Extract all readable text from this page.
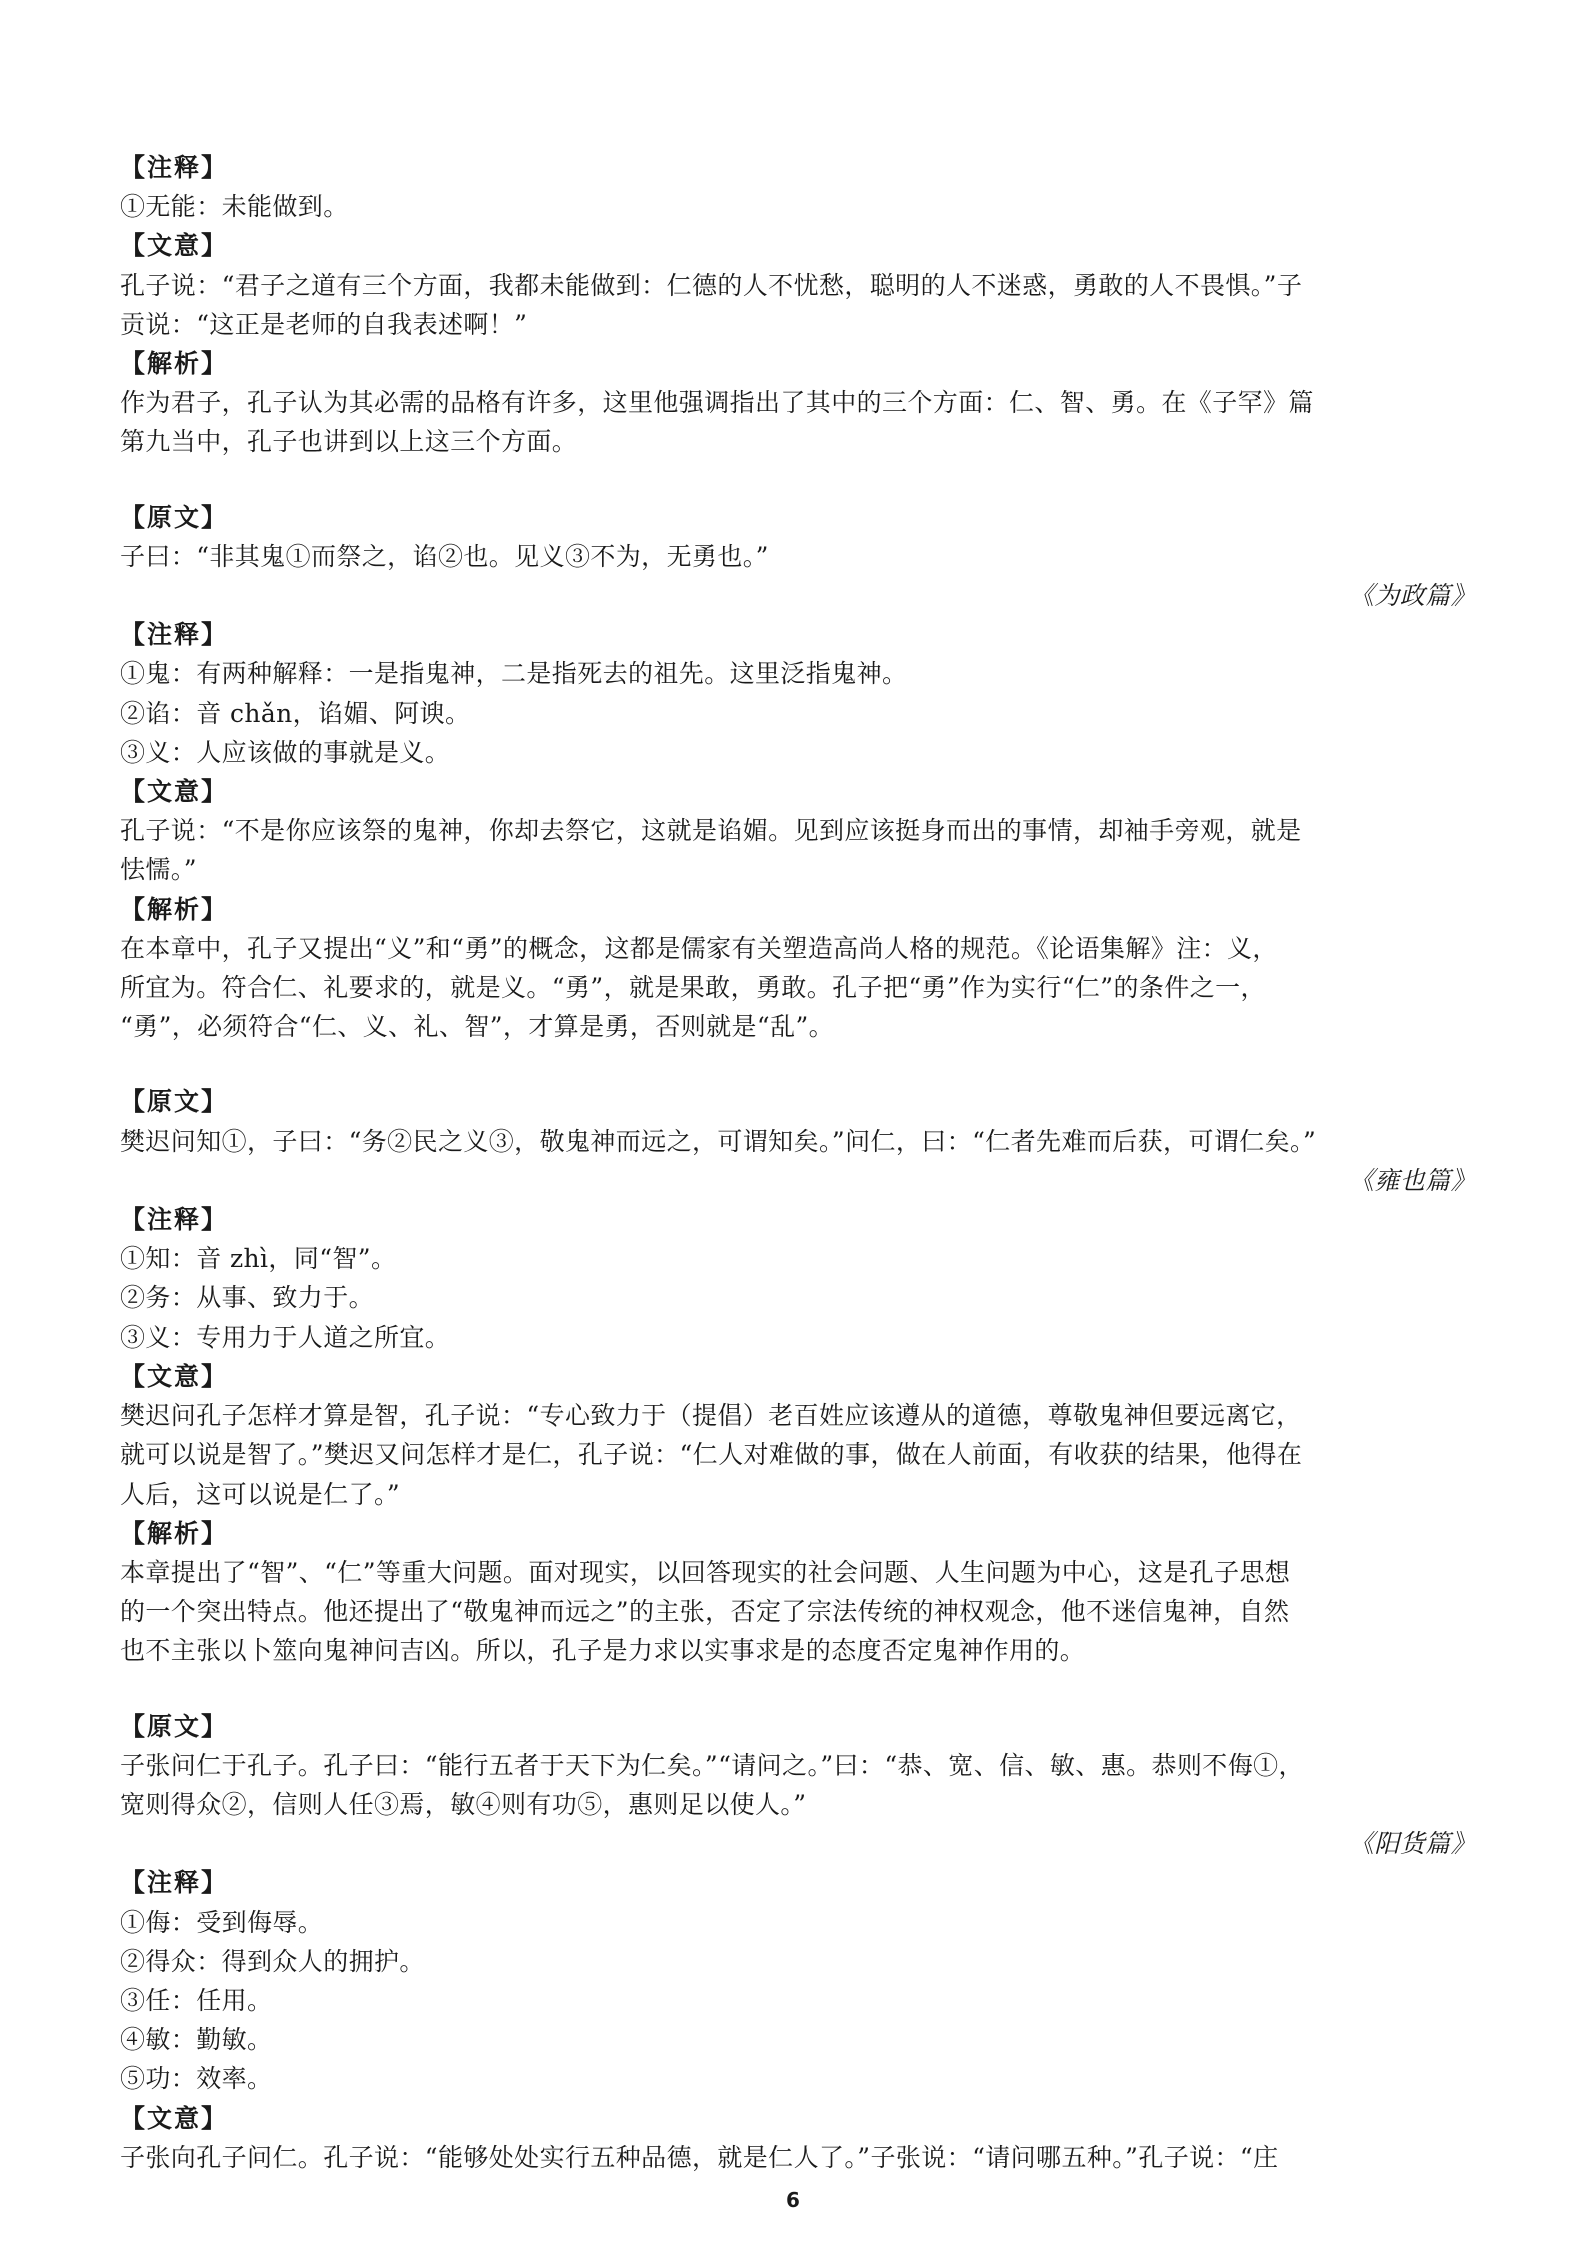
【注释】
①无能：未能做到。
【文意】
孔子说：“君子之道有三个方面，我都未能做到：仁德的人不忧愁，聪明的人不迷惑，勇敢的人不畏惧。”子
贡说：“这正是老师的自我表述啊！”
【解析】
作为君子，孔子认为其必需的品格有许多，这里他强调指出了其中的三个方面：仁、智、勇。在《子罕》篇
第九当中，孔子也讲到以上这三个方面。
【原文】
子曰：“非其鬼①而祭之，谄②也。见义③不为，无勇也。”
《为政篇》
【注释】
①鬼：有两种解释：一是指鬼神，二是指死去的祖先。这里泛指鬼神。
②谄：音 chǎn，谄媚、阿谀。
③义：人应该做的事就是义。
【文意】
孔子说：“不是你应该祭的鬼神，你却去祭它，这就是谄媚。见到应该挺身而出的事情，却袖手旁观，就是
怯懦。”
【解析】
在本章中，孔子又提出“义”和“勇”的概念，这都是儒家有关塑造高尚人格的规范。《论语集解》注：义，
所宜为。符合仁、礼要求的，就是义。“勇”，就是果敢，勇敢。孔子把“勇”作为实行“仁”的条件之一，
“勇”，必须符合“仁、义、礼、智”，才算是勇，否则就是“乱”。
【原文】
樊迟问知①，子曰：“务②民之义③，敬鬼神而远之，可谓知矣。”问仁，曰：“仁者先难而后获，可谓仁矣。”
《雍也篇》
【注释】
①知：音 zhì，同“智”。
②务：从事、致力于。
③义：专用力于人道之所宜。
【文意】
樊迟问孔子怎样才算是智，孔子说：“专心致力于（提倡）老百姓应该遵从的道德，尊敬鬼神但要远离它，
就可以说是智了。”樊迟又问怎样才是仁，孔子说：“仁人对难做的事，做在人前面，有收获的结果，他得在
人后，这可以说是仁了。”
【解析】
本章提出了“智”、“仁”等重大问题。面对现实，以回答现实的社会问题、人生问题为中心，这是孔子思想
的一个突出特点。他还提出了“敬鬼神而远之”的主张，否定了宗法传统的神权观念，他不迷信鬼神，自然
也不主张以卜筮向鬼神问吉凶。所以，孔子是力求以实事求是的态度否定鬼神作用的。
【原文】
子张问仁于孔子。孔子曰：“能行五者于天下为仁矣。”“请问之。”曰：“恭、宽、信、敏、惠。恭则不侮①，
宽则得众②，信则人任③焉，敏④则有功⑤，惠则足以使人。”
《阳货篇》
【注释】
①侮：受到侮辱。
②得众：得到众人的拥护。
③任：任用。
④敏：勤敏。
⑤功：效率。
【文意】
子张向孔子问仁。孔子说：“能够处处实行五种品德，就是仁人了。”子张说：“请问哪五种。”孔子说：“庄
6
